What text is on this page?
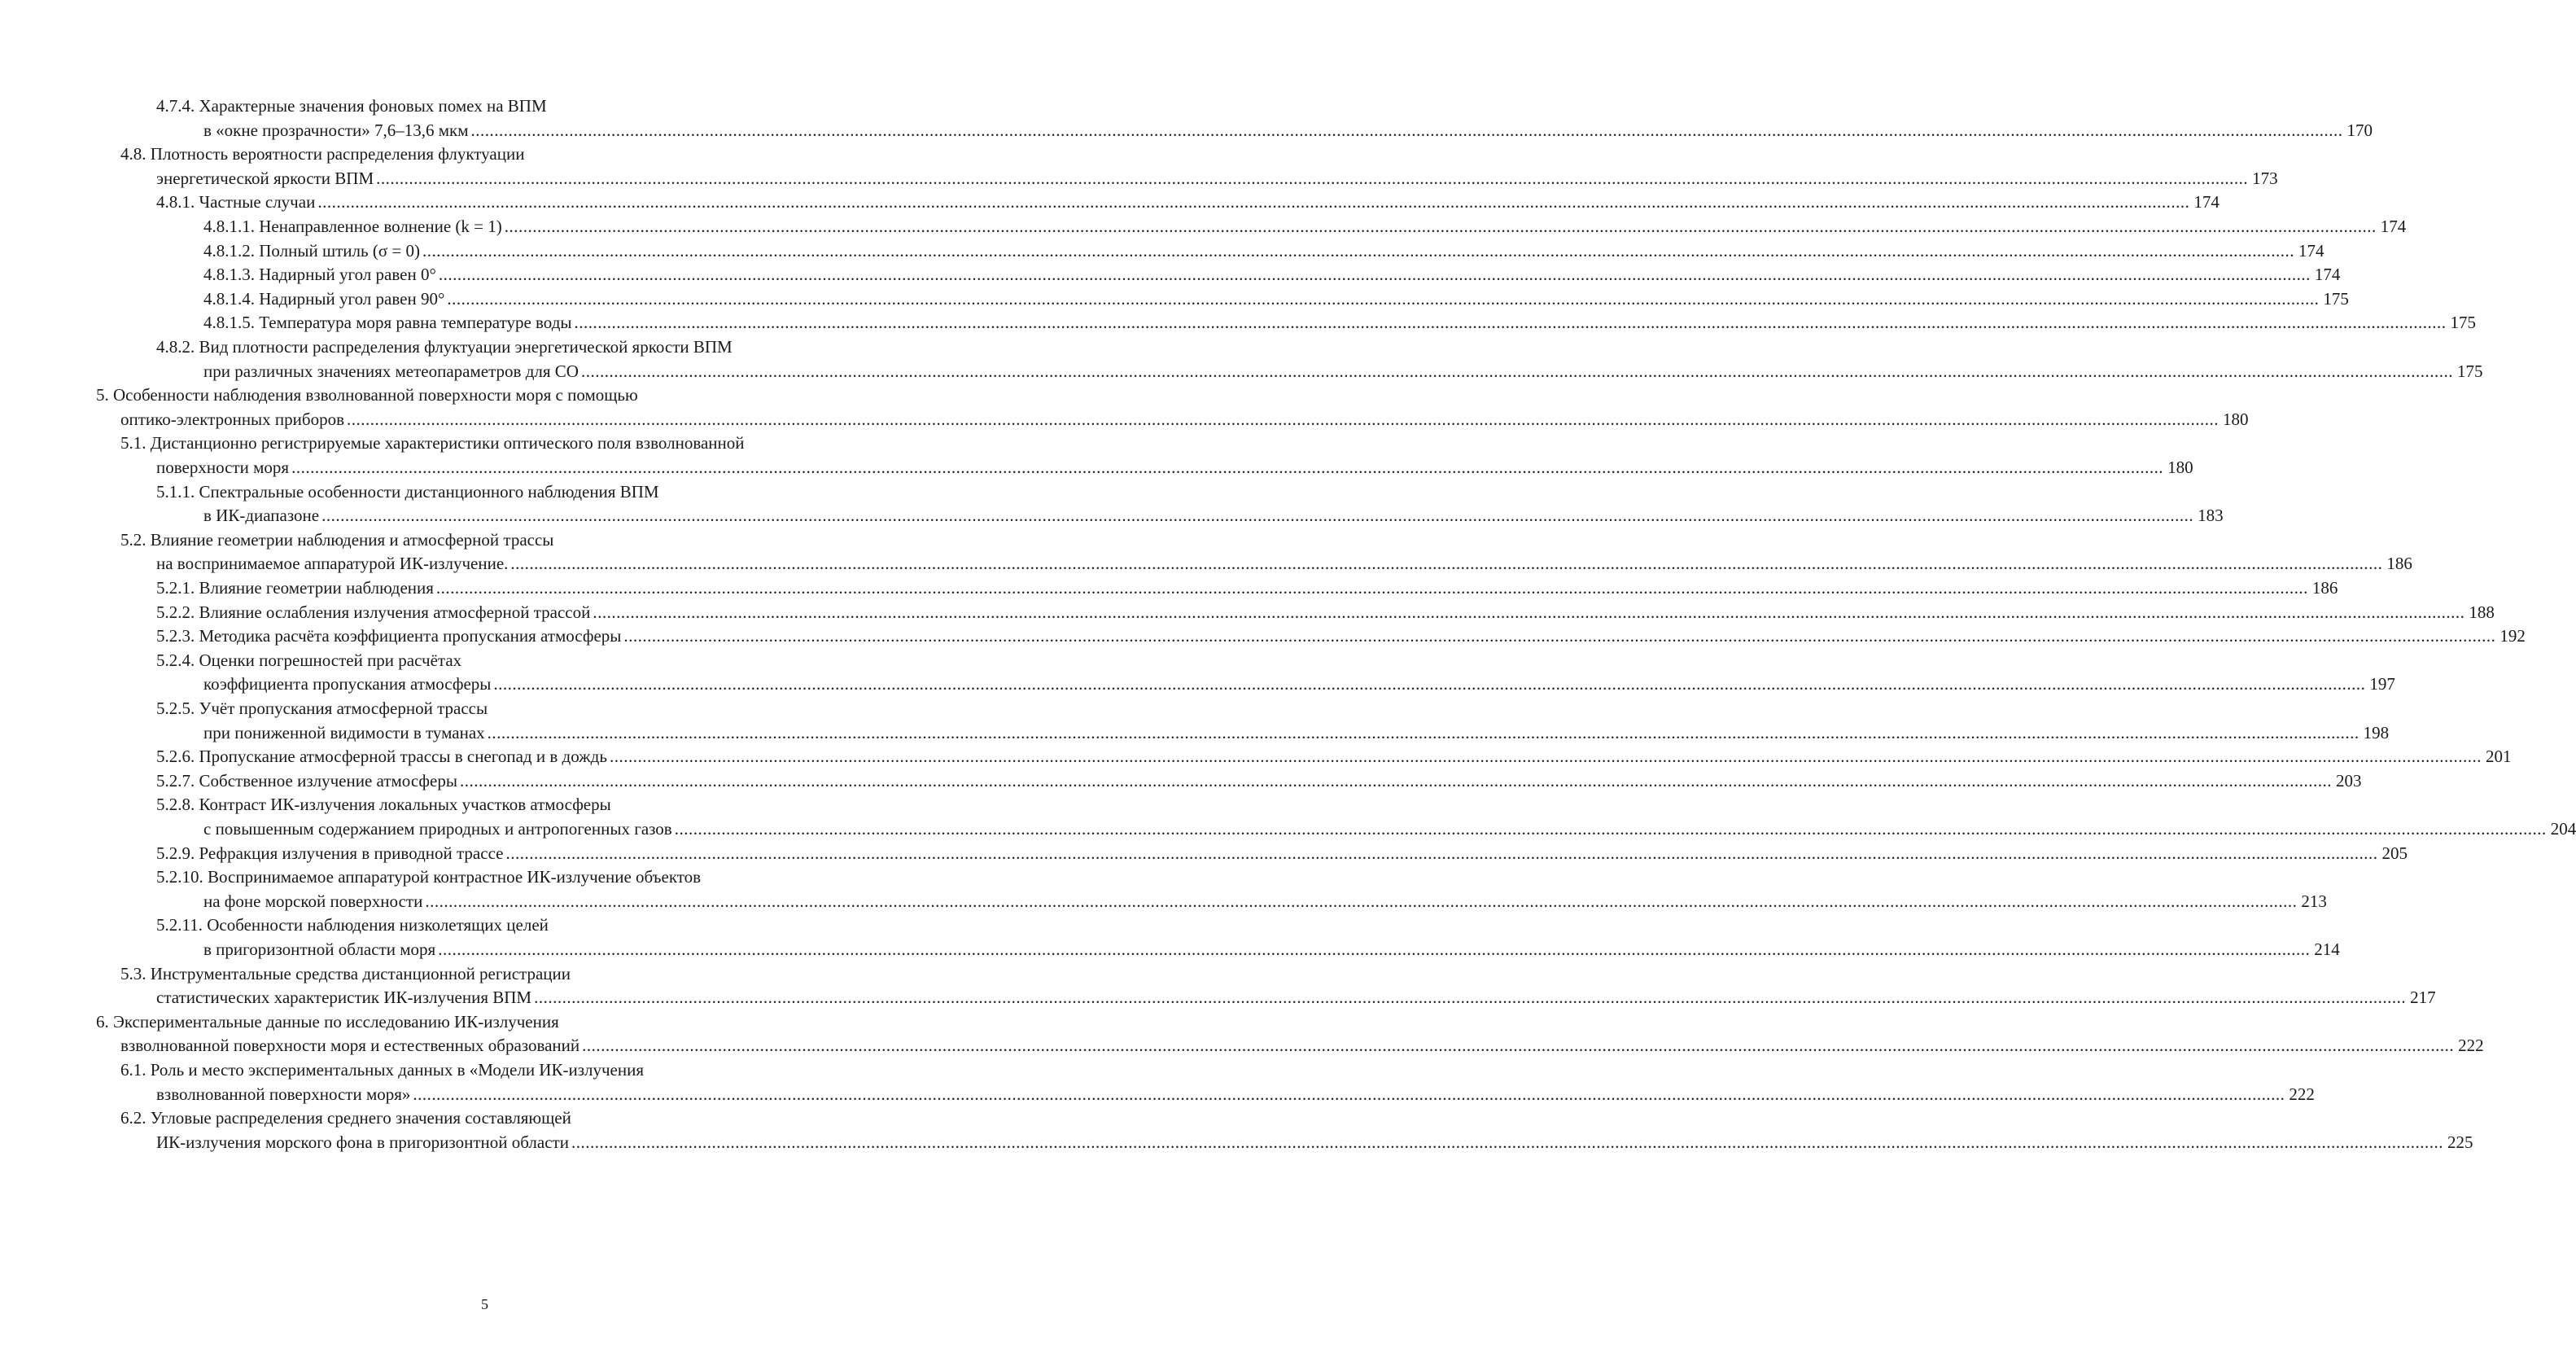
4.7.4. Характерные значения фоновых помех на ВПМ
в «окне прозрачности» 7,6–13,6 мкм ................................................................................................................................................................................................................................................................................................................................................................................................................ 170
4.8. Плотность вероятности распределения флуктуации
энергетической яркости ВПМ ................................................................................................................................................................................................................................................................................................................................................................................................................ 173
4.8.1. Частные случаи ................................................................................................................................................................................................................................................................................................................................................................................................................ 174
4.8.1.1. Ненаправленное волнение (k = 1) ................................................................................................................................................................................................................................................................................................................................................................................................................ 174
4.8.1.2. Полный штиль (σ = 0) ................................................................................................................................................................................................................................................................................................................................................................................................................ 174
4.8.1.3. Надирный угол равен 0° ................................................................................................................................................................................................................................................................................................................................................................................................................ 174
4.8.1.4. Надирный угол равен 90° ................................................................................................................................................................................................................................................................................................................................................................................................................ 175
4.8.1.5. Температура моря равна температуре воды ................................................................................................................................................................................................................................................................................................................................................................................................................ 175
4.8.2. Вид плотности распределения флуктуации энергетической яркости ВПМ
при различных значениях метеопараметров для СО ................................................................................................................................................................................................................................................................................................................................................................................................................ 175
5. Особенности наблюдения взволнованной поверхности моря с помощью
оптико-электронных приборов ................................................................................................................................................................................................................................................................................................................................................................................................................ 180
5.1. Дистанционно регистрируемые характеристики оптического поля взволнованной
поверхности моря ................................................................................................................................................................................................................................................................................................................................................................................................................ 180
5.1.1. Спектральные особенности дистанционного наблюдения ВПМ
в ИК-диапазоне ................................................................................................................................................................................................................................................................................................................................................................................................................ 183
5.2. Влияние геометрии наблюдения и атмосферной трассы
на воспринимаемое аппаратурой ИК-излучение. ................................................................................................................................................................................................................................................................................................................................................................................................................ 186
5.2.1. Влияние геометрии наблюдения ................................................................................................................................................................................................................................................................................................................................................................................................................ 186
5.2.2. Влияние ослабления излучения атмосферной трассой ................................................................................................................................................................................................................................................................................................................................................................................................................ 188
5.2.3. Методика расчёта коэффициента пропускания атмосферы ................................................................................................................................................................................................................................................................................................................................................................................................................ 192
5.2.4. Оценки погрешностей при расчётах
коэффициента пропускания атмосферы ................................................................................................................................................................................................................................................................................................................................................................................................................ 197
5.2.5. Учёт пропускания атмосферной трассы
при пониженной видимости в туманах ................................................................................................................................................................................................................................................................................................................................................................................................................ 198
5.2.6. Пропускание атмосферной трассы в снегопад и в дождь ................................................................................................................................................................................................................................................................................................................................................................................................................ 201
5.2.7. Собственное излучение атмосферы ................................................................................................................................................................................................................................................................................................................................................................................................................ 203
5.2.8. Контраст ИК-излучения локальных участков атмосферы
с повышенным содержанием природных и антропогенных газов ................................................................................................................................................................................................................................................................................................................................................................................................................ 204
5.2.9. Рефракция излучения в приводной трассе ................................................................................................................................................................................................................................................................................................................................................................................................................ 205
5.2.10. Воспринимаемое аппаратурой контрастное ИК-излучение объектов
на фоне морской поверхности ................................................................................................................................................................................................................................................................................................................................................................................................................ 213
5.2.11. Особенности наблюдения низколетящих целей
в пригоризонтной области моря ................................................................................................................................................................................................................................................................................................................................................................................................................ 214
5.3. Инструментальные средства дистанционной регистрации
статистических характеристик ИК-излучения ВПМ ................................................................................................................................................................................................................................................................................................................................................................................................................ 217
6. Экспериментальные данные по исследованию ИК-излучения
взволнованной поверхности моря и естественных образований ................................................................................................................................................................................................................................................................................................................................................................................................................ 222
6.1. Роль и место экспериментальных данных в «Модели ИК-излучения
взволнованной поверхности моря» ................................................................................................................................................................................................................................................................................................................................................................................................................ 222
6.2. Угловые распределения среднего значения составляющей
ИК-излучения морского фона в пригоризонтной области ................................................................................................................................................................................................................................................................................................................................................................................................................ 225
5
